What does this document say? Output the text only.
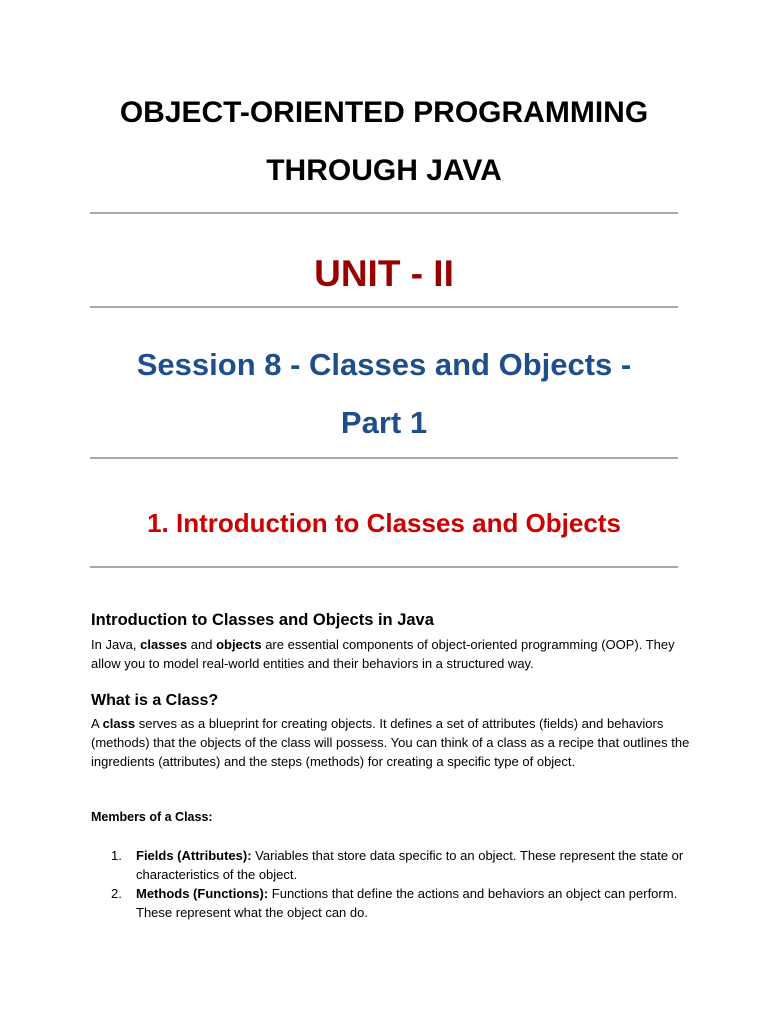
OBJECT-ORIENTED PROGRAMMING
THROUGH JAVA
UNIT - II
Session 8 - Classes and Objects -
Part 1
1. Introduction to Classes and Objects
Introduction to Classes and Objects in Java
In Java, classes and objects are essential components of object-oriented programming (OOP). They allow you to model real-world entities and their behaviors in a structured way.
What is a Class?
A class serves as a blueprint for creating objects. It defines a set of attributes (fields) and behaviors (methods) that the objects of the class will possess. You can think of a class as a recipe that outlines the ingredients (attributes) and the steps (methods) for creating a specific type of object.
Members of a Class:
1. Fields (Attributes): Variables that store data specific to an object. These represent the state or characteristics of the object.
2. Methods (Functions): Functions that define the actions and behaviors an object can perform. These represent what the object can do.
